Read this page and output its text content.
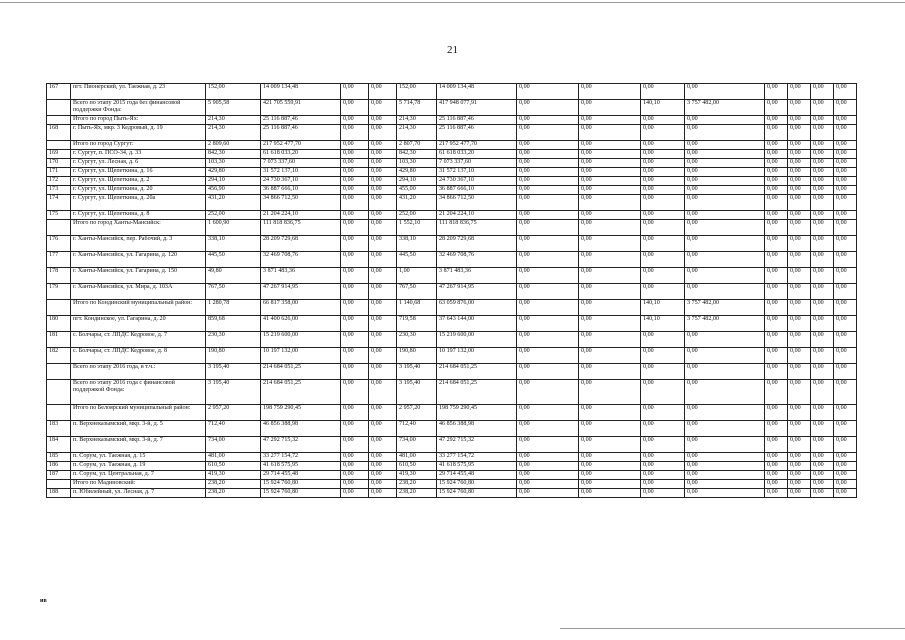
21
167	пгт. Пионерский, ул. Таежная, д. 23	152,00	14 009 134,48	0,00	0,00	152,00	14 009 134,48	0,00	0,00	0,00	0,00	0,00	0,00	0,00	0,00
	Всего по этапу 2015 года без финансовой поддержки Фонда:	5 905,58	421 705 559,91	0,00	0,00	5 714,78	417 948 077,91	0,00	0,00	140,10	3 757 482,00	0,00	0,00	0,00	0,00
	Итого по город Пыть-Ях:	214,30	25 116 887,46	0,00	0,00	214,30	25 116 887,46	0,00	0,00	0,00	0,00	0,00	0,00	0,00	0,00
168	г. Пыть-Ях, мкр. 3 Кедровый, д. 19	214,30	25 116 887,46	0,00	0,00	214,30	25 116 887,46	0,00	0,00	0,00	0,00	0,00	0,00	0,00	0,00
	Итого по город Сургут:	2 809,60	217 952 477,70	0,00	0,00	2 807,70	217 952 477,70	0,00	0,00	0,00	0,00	0,00	0,00	0,00	0,00
169	г. Сургут, п. ПСО-34, д. 33	842,30	61 618 033,20	0,00	0,00	842,30	61 618 033,20	0,00	0,00	0,00	0,00	0,00	0,00	0,00	0,00
170	г. Сургут, ул. Лесная, д. 6	103,30	7 073 337,60	0,00	0,00	103,30	7 073 337,60	0,00	0,00	0,00	0,00	0,00	0,00	0,00	0,00
171	г. Сургут, ул. Щепеткина, д. 16	429,80	31 572 137,10	0,00	0,00	429,80	31 572 137,10	0,00	0,00	0,00	0,00	0,00	0,00	0,00	0,00
172	г. Сургут, ул. Щепеткина, д. 2	294,10	24 730 367,10	0,00	0,00	294,10	24 730 367,10	0,00	0,00	0,00	0,00	0,00	0,00	0,00	0,00
173	г. Сургут, ул. Щепеткина, д. 20	456,90	36 887 666,10	0,00	0,00	455,00	36 887 666,10	0,00	0,00	0,00	0,00	0,00	0,00	0,00	0,00
174	г. Сургут, ул. Щепеткина, д. 20а	431,20	34 866 712,50	0,00	0,00	431,20	34 866 712,50	0,00	0,00	0,00	0,00	0,00	0,00	0,00	0,00
175	г. Сургут, ул. Щепеткина, д. 8	252,00	21 204 224,10	0,00	0,00	252,00	21 204 224,10	0,00	0,00	0,00	0,00	0,00	0,00	0,00	0,00
	Итого по город Ханты-Мансийск:	1 600,90	111 818 836,75	0,00	0,00	1 552,10	111 818 836,75	0,00	0,00	0,00	0,00	0,00	0,00	0,00	0,00
176	г. Ханты-Мансийск, пер. Рабочий, д. 3	338,10	28 209 729,68	0,00	0,00	338,10	28 209 729,68	0,00	0,00	0,00	0,00	0,00	0,00	0,00	0,00
177	г. Ханты-Мансийск, ул. Гагарина, д. 120	445,50	32 469 708,76	0,00	0,00	445,50	32 469 708,76	0,00	0,00	0,00	0,00	0,00	0,00	0,00	0,00
178	г. Ханты-Мансийск, ул. Гагарина, д. 150	49,80	3 871 483,36	0,00	0,00	1,00	3 871 483,36	0,00	0,00	0,00	0,00	0,00	0,00	0,00	0,00
179	г. Ханты-Мансийск, ул. Мира, д. 103А	767,50	47 267 914,95	0,00	0,00	767,50	47 267 914,95	0,00	0,00	0,00	0,00	0,00	0,00	0,00	0,00
	Итого по Кондинский муниципальный район:	1 280,78	66 817 358,00	0,00	0,00	1 140,68	63 059 876,00	0,00	0,00	140,10	3 757 482,00	0,00	0,00	0,00	0,00
180	пгт. Кондинское, ул. Гагарина, д. 20	859,68	41 400 626,00	0,00	0,00	719,58	37 643 144,00	0,00	0,00	140,10	3 757 482,00	0,00	0,00	0,00	0,00
181	с. Болчары, ст. ЛПДС Кедровое, д. 7	230,30	15 219 600,00	0,00	0,00	230,30	15 219 600,00	0,00	0,00	0,00	0,00	0,00	0,00	0,00	0,00
182	с. Болчары, ст. ЛПДС Кедровое, д. 8	190,80	10 197 132,00	0,00	0,00	190,80	10 197 132,00	0,00	0,00	0,00	0,00	0,00	0,00	0,00	0,00
	Всего по этапу 2016 года, в т.ч.:	3 195,40	214 684 051,25	0,00	0,00	3 195,40	214 684 051,25	0,00	0,00	0,00	0,00	0,00	0,00	0,00	0,00
	Всего по этапу 2016 года с финансовой поддержкой Фонда:	3 195,40	214 684 051,25	0,00	0,00	3 195,40	214 684 051,25	0,00	0,00	0,00	0,00	0,00	0,00	0,00	0,00
	Итого по Белоярский муниципальный район:	2 957,20	198 759 290,45	0,00	0,00	2 957,20	198 759 290,45	0,00	0,00	0,00	0,00	0,00	0,00	0,00	0,00
183	п. Верхнеказымский, мкр. 3-й, д. 5	712,40	46 856 388,98	0,00	0,00	712,40	46 856 388,98	0,00	0,00	0,00	0,00	0,00	0,00	0,00	0,00
184	п. Верхнеказымский, мкр. 3-й, д. 7	734,00	47 292 715,32	0,00	0,00	734,00	47 292 715,32	0,00	0,00	0,00	0,00	0,00	0,00	0,00	0,00
185	п. Сорум, ул. Таежная, д. 15	481,00	33 277 154,72	0,00	0,00	481,00	33 277 154,72	0,00	0,00	0,00	0,00	0,00	0,00	0,00	0,00
186	п. Сорум, ул. Таежная, д. 19	610,50	41 618 575,95	0,00	0,00	610,50	41 618 575,95	0,00	0,00	0,00	0,00	0,00	0,00	0,00	0,00
187	п. Сорум, ул. Центральная, д. 7	419,30	29 714 455,48	0,00	0,00	419,30	29 714 455,48	0,00	0,00	0,00	0,00	0,00	0,00	0,00	0,00
	Итого по Мадиновский:	238,20	15 924 760,80	0,00	0,00	238,20	15 924 760,80	0,00	0,00	0,00	0,00	0,00	0,00	0,00	0,00
188	п. Юбилейный, ул. Лесная, д. 7	238,20	15 924 760,80	0,00	0,00	238,20	15 924 760,80	0,00	0,00	0,00	0,00	0,00	0,00	0,00	0,00
ив
